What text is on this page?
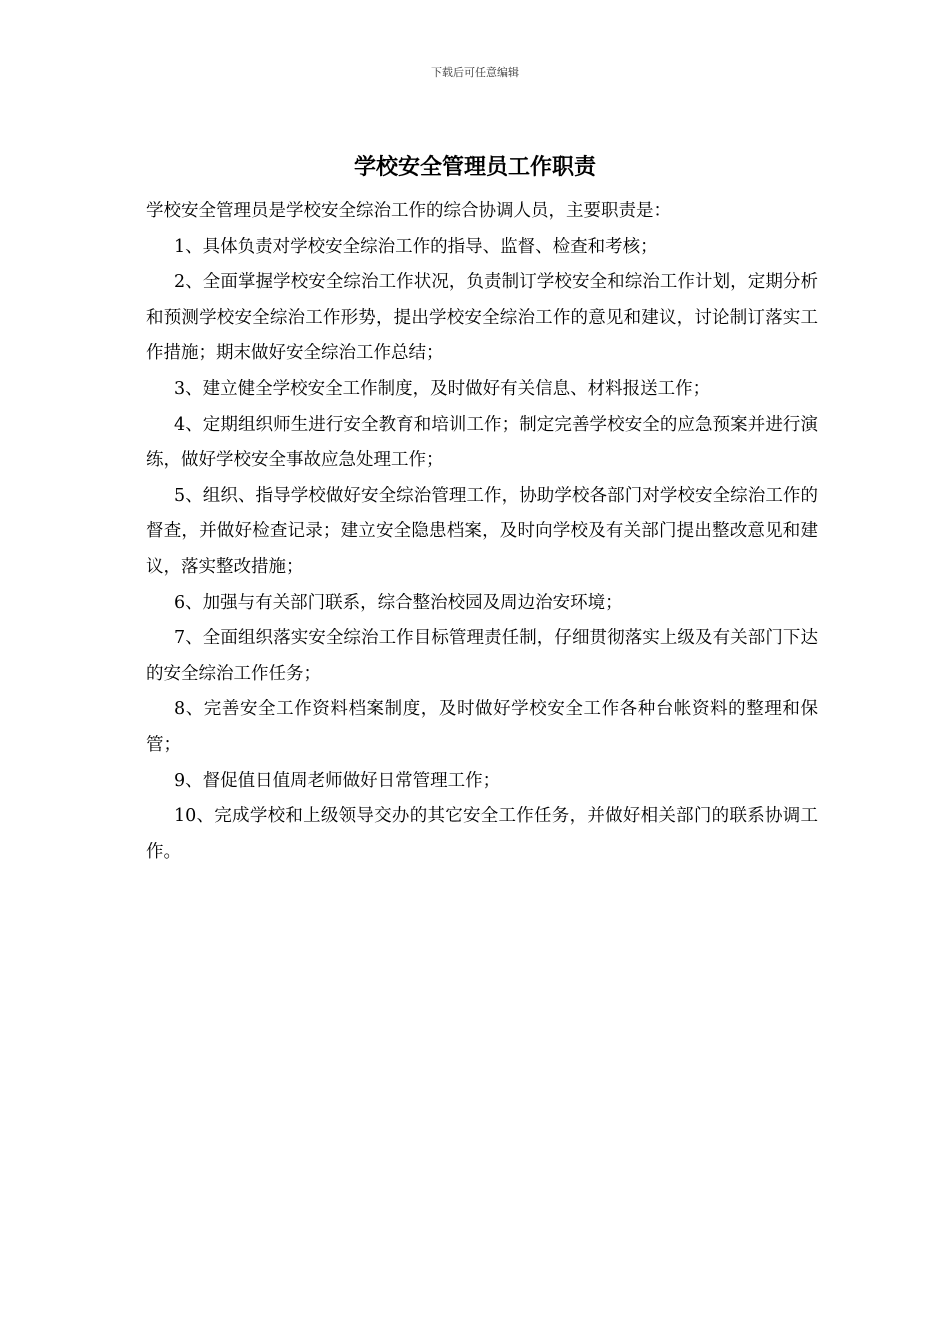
下载后可任意编辑
学校安全管理员工作职责

学校安全管理员是学校安全综治工作的综合协调人员，主要职责是：

1、具体负责对学校安全综治工作的指导、监督、检查和考核；

2、全面掌握学校安全综治工作状况，负责制订学校安全和综治工作计划，定期分析和预测学校安全综治工作形势，提出学校安全综治工作的意见和建议，讨论制订落实工作措施；期末做好安全综治工作总结；

3、建立健全学校安全工作制度，及时做好有关信息、材料报送工作；

4、定期组织师生进行安全教育和培训工作；制定完善学校安全的应急预案并进行演练，做好学校安全事故应急处理工作；

5、组织、指导学校做好安全综治管理工作，协助学校各部门对学校安全综治工作的督查，并做好检查记录；建立安全隐患档案，及时向学校及有关部门提出整改意见和建议，落实整改措施；

6、加强与有关部门联系，综合整治校园及周边治安环境；

7、全面组织落实安全综治工作目标管理责任制，仔细贯彻落实上级及有关部门下达的安全综治工作任务；

8、完善安全工作资料档案制度，及时做好学校安全工作各种台帐资料的整理和保管；

9、督促值日值周老师做好日常管理工作；

10、完成学校和上级领导交办的其它安全工作任务，并做好相关部门的联系协调工作。
